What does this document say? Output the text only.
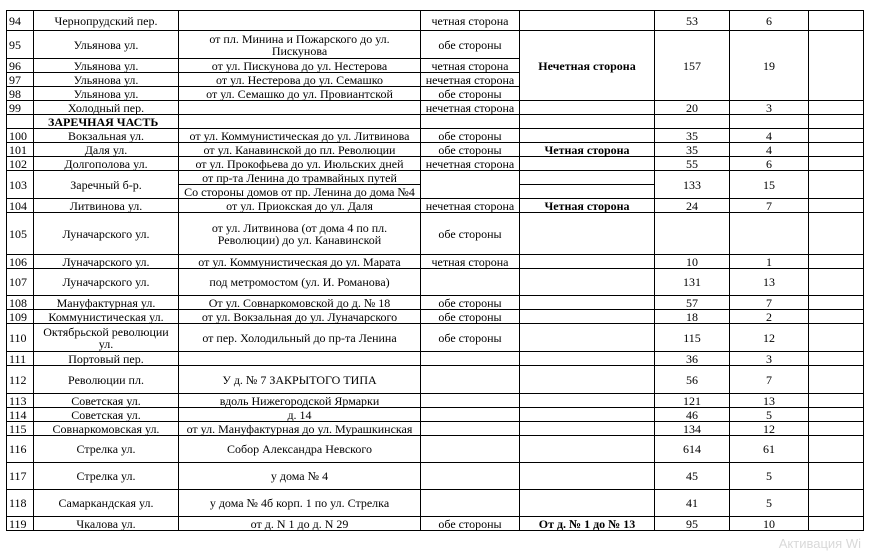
94	Чернопрудский пер.		четная сторона		53	6	
95	Ульянова ул.	от пл. Минина и Пожарского до ул. Пискунова	обе стороны	Нечетная сторона	157	19	
96	Ульянова ул.	от ул. Пискунова до ул. Нестерова	четная сторона				
97	Ульянова ул.	от ул. Нестерова до ул. Семашко	нечетная сторона				
98	Ульянова ул.	от ул. Семашко до ул. Провиантской	обе стороны				
99	Холодный пер.		нечетная сторона		20	3	
	ЗАРЕЧНАЯ ЧАСТЬ						
100	Вокзальная ул.	от ул. Коммунистическая до ул. Литвинова	обе стороны		35	4	
101	Даля ул.	от ул. Канавинской до пл. Революции	обе стороны	Четная сторона	35	4	
102	Долгополова ул.	от ул. Прокофьева до ул. Июльских дней	нечетная сторона		55	6	
103	Заречный б-р.	от пр-та Ленина до трамвайных путей			133	15	
		Со стороны домов от пр. Ленина до дома №4					
104	Литвинова ул.	от ул. Приокская до ул. Даля	нечетная сторона	Четная сторона	24	7	
105	Луначарского ул.	от ул. Литвинова (от дома 4 по пл. Революции) до ул. Канавинской	обе стороны				
106	Луначарского ул.	от ул. Коммунистическая до ул. Марата	четная сторона		10	1	
107	Луначарского ул.	под метромостом (ул. И. Романова)			131	13	
108	Мануфактурная ул.	От ул. Совнаркомовской до д. № 18	обе стороны		57	7	
109	Коммунистическая ул.	от ул. Вокзальная до ул. Луначарского	обе стороны		18	2	
110	Октябрьской революции ул.	от пер. Холодильный до пр-та Ленина	обе стороны		115	12	
111	Портовый пер.				36	3	
112	Революции пл.	У д. № 7 ЗАКРЫТОГО ТИПА			56	7	
113	Советская ул.	вдоль Нижегородской Ярмарки			121	13	
114	Советская ул.	д. 14			46	5	
115	Совнаркомовская ул.	от ул. Мануфактурная до ул. Мурашкинская			134	12	
116	Стрелка ул.	Собор Александра Невского			614	61	
117	Стрелка ул.	у дома № 4			45	5	
118	Самаркандская ул.	у дома № 4б корп. 1 по ул. Стрелка			41	5	
119	Чкалова ул.	от д. N 1 до д. N 29	обе стороны	От д. № 1 до № 13	95	10	
Активация Wi
